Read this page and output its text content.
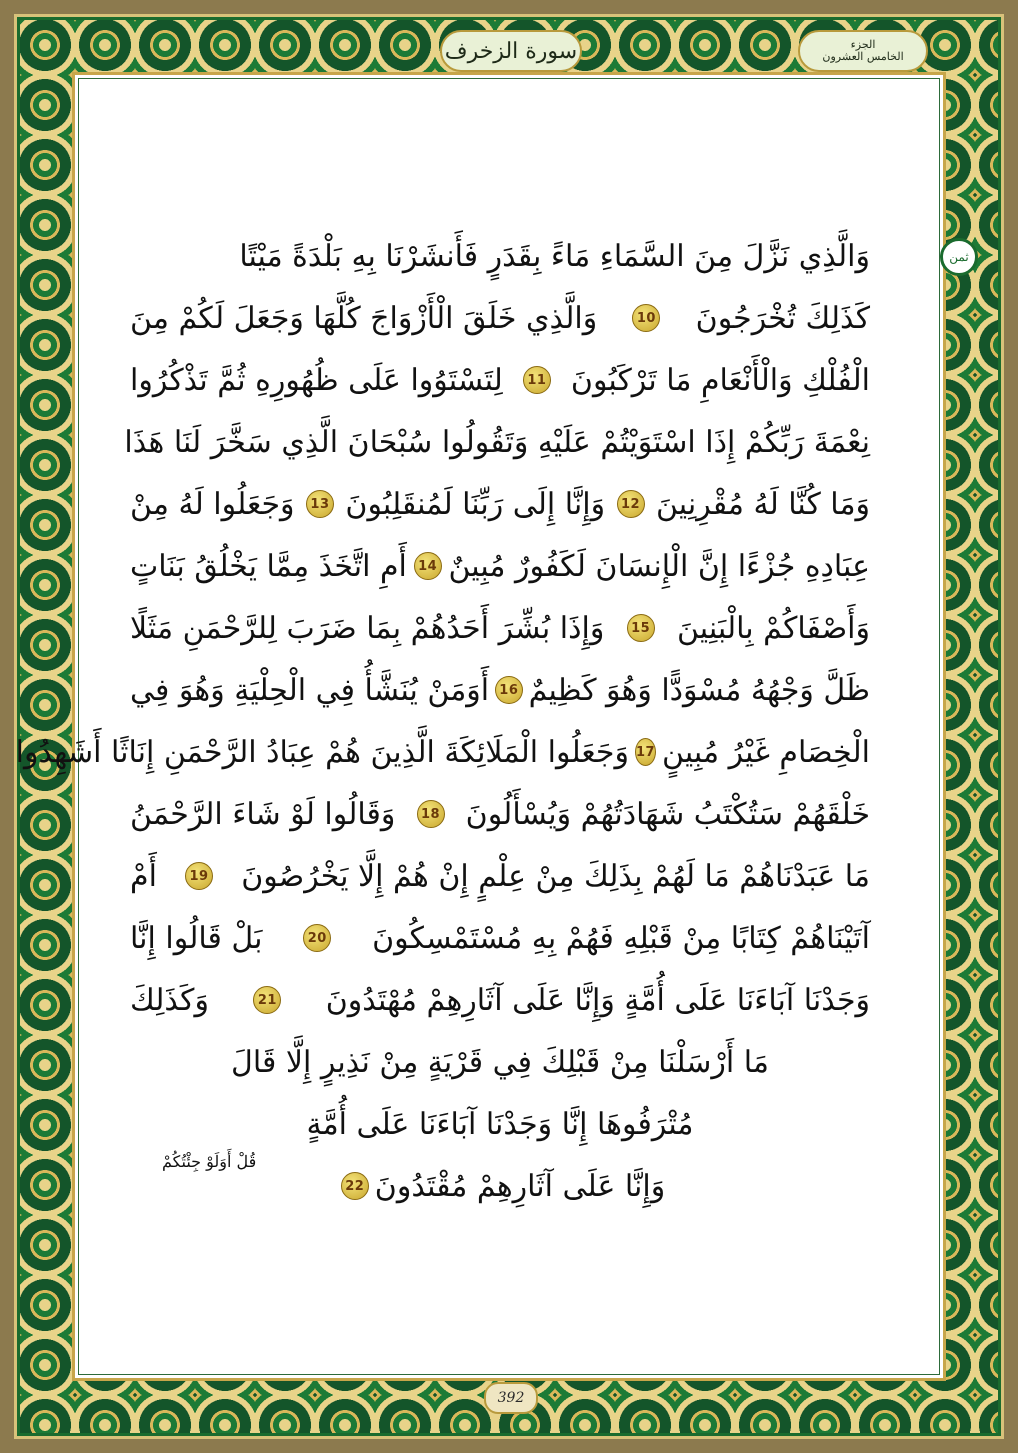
سورة الزخرف	الجزء
الخامس العشرون
ثمن
وَالَّذِي نَزَّلَ مِنَ السَّمَاءِ مَاءً بِقَدَرٍ فَأَنشَرْنَا بِهِ بَلْدَةً مَيْتًا
كَذَلِكَ تُخْرَجُونَ
10
وَالَّذِي خَلَقَ الْأَزْوَاجَ كُلَّهَا وَجَعَلَ لَكُمْ مِنَ
الْفُلْكِ وَالْأَنْعَامِ مَا تَرْكَبُونَ
11
لِتَسْتَوُوا عَلَى ظُهُورِهِ ثُمَّ تَذْكُرُوا
نِعْمَةَ رَبِّكُمْ إِذَا اسْتَوَيْتُمْ عَلَيْهِ وَتَقُولُوا سُبْحَانَ الَّذِي سَخَّرَ لَنَا هَذَا
وَمَا كُنَّا لَهُ مُقْرِنِينَ
12
وَإِنَّا إِلَى رَبِّنَا لَمُنقَلِبُونَ
13
وَجَعَلُوا لَهُ مِنْ
عِبَادِهِ جُزْءًا إِنَّ الْإِنسَانَ لَكَفُورٌ مُبِينٌ
14
أَمِ اتَّخَذَ مِمَّا يَخْلُقُ بَنَاتٍ
وَأَصْفَاكُمْ بِالْبَنِينَ
15
وَإِذَا بُشِّرَ أَحَدُهُمْ بِمَا ضَرَبَ لِلرَّحْمَنِ مَثَلًا
ظَلَّ وَجْهُهُ مُسْوَدًّا وَهُوَ كَظِيمٌ
16
أَوَمَنْ يُنَشَّأُ فِي الْحِلْيَةِ وَهُوَ فِي
الْخِصَامِ غَيْرُ مُبِينٍ
17
وَجَعَلُوا الْمَلَائِكَةَ الَّذِينَ هُمْ عِبَادُ الرَّحْمَنِ إِنَاثًا أَشَهِدُوا
خَلْقَهُمْ سَتُكْتَبُ شَهَادَتُهُمْ وَيُسْأَلُونَ
18
وَقَالُوا لَوْ شَاءَ الرَّحْمَنُ
مَا عَبَدْنَاهُمْ مَا لَهُمْ بِذَلِكَ مِنْ عِلْمٍ إِنْ هُمْ إِلَّا يَخْرُصُونَ
19
أَمْ
آتَيْنَاهُمْ كِتَابًا مِنْ قَبْلِهِ فَهُمْ بِهِ مُسْتَمْسِكُونَ
20
بَلْ قَالُوا إِنَّا
وَجَدْنَا آبَاءَنَا عَلَى أُمَّةٍ وَإِنَّا عَلَى آثَارِهِمْ مُهْتَدُونَ
21
وَكَذَلِكَ
مَا أَرْسَلْنَا مِنْ قَبْلِكَ فِي قَرْيَةٍ مِنْ نَذِيرٍ إِلَّا قَالَ
مُتْرَفُوهَا إِنَّا وَجَدْنَا آبَاءَنَا عَلَى أُمَّةٍ
وَإِنَّا عَلَى آثَارِهِمْ مُقْتَدُونَ
22
قُلْ أَوَلَوْ جِئْتُكُمْ
392
